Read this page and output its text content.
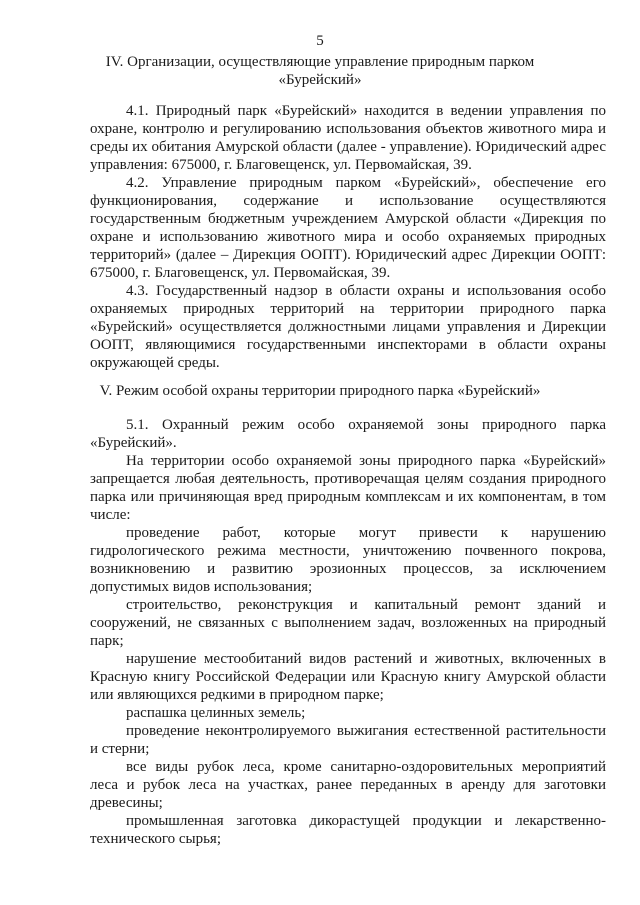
5
IV. Организации, осуществляющие управление природным парком «Бурейский»

4.1. Природный парк «Бурейский» находится в ведении управления по охране, контролю и регулированию использования объектов животного мира и среды их обитания Амурской области (далее - управление). Юридический адрес управления: 675000, г. Благовещенск, ул. Первомайская, 39.

4.2. Управление природным парком «Бурейский», обеспечение его функционирования, содержание и использование осуществляются государственным бюджетным учреждением Амурской области «Дирекция по охране и использованию животного мира и особо охраняемых природных территорий» (далее – Дирекция ООПТ). Юридический адрес Дирекции ООПТ: 675000, г. Благовещенск, ул. Первомайская, 39.

4.3. Государственный надзор в области охраны и использования особо охраняемых природных территорий на территории природного парка «Бурейский» осуществляется должностными лицами управления и Дирекции ООПТ, являющимися государственными инспекторами в области охраны окружающей среды.

V. Режим особой охраны территории природного парка «Бурейский»

5.1. Охранный режим особо охраняемой зоны природного парка «Бурейский».

На территории особо охраняемой зоны природного парка «Бурейский» запрещается любая деятельность, противоречащая целям создания природного парка или причиняющая вред природным комплексам и их компонентам, в том числе:

проведение работ, которые могут привести к нарушению гидрологического режима местности, уничтожению почвенного покрова, возникновению и развитию эрозионных процессов, за исключением допустимых видов использования;

строительство, реконструкция и капитальный ремонт зданий и сооружений, не связанных с выполнением задач, возложенных на природный парк;

нарушение местообитаний видов растений и животных, включенных в Красную книгу Российской Федерации или Красную книгу Амурской области или являющихся редкими в природном парке;

распашка целинных земель;

проведение неконтролируемого выжигания естественной растительности и стерни;

все виды рубок леса, кроме санитарно-оздоровительных мероприятий леса и рубок леса на участках, ранее переданных в аренду для заготовки древесины;

промышленная заготовка дикорастущей продукции и лекарственно-технического сырья;
